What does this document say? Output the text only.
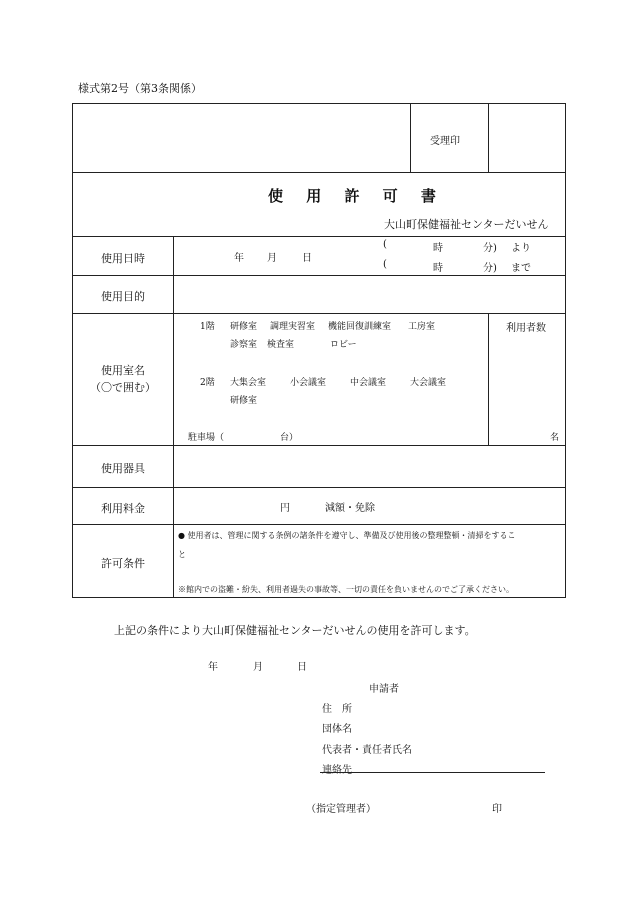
様式第2号（第3条関係）
受理印
使 用 許 可 書
大山町保健福祉センターだいせん
使用日時	年 月	日
(	時	分) より
(	時	分) まで
使用目的
使用室名
（〇で囲む）
1階 研修室 調理実習室 機能回復訓練室 工房室
診察室 検査室	ロビー
2階 大集会室	小会議室	中会議室	大会議室
研修室
駐車場（	台）
利用者数
名
使用器具
利用料金	円	減額・免除
許可条件
● 使用者は、管理に関する条例の諸条件を遵守し、準備及び使用後の整理整頓・清掃をするこ
と
※館内での盗難・紛失、利用者過失の事故等、一切の責任を負いませんのでご了承ください。
上記の条件により大山町保健福祉センターだいせんの使用を許可します。
年	月	日
申請者
住　所
団体名
代表者・責任者氏名
連絡先
（指定管理者）	印
